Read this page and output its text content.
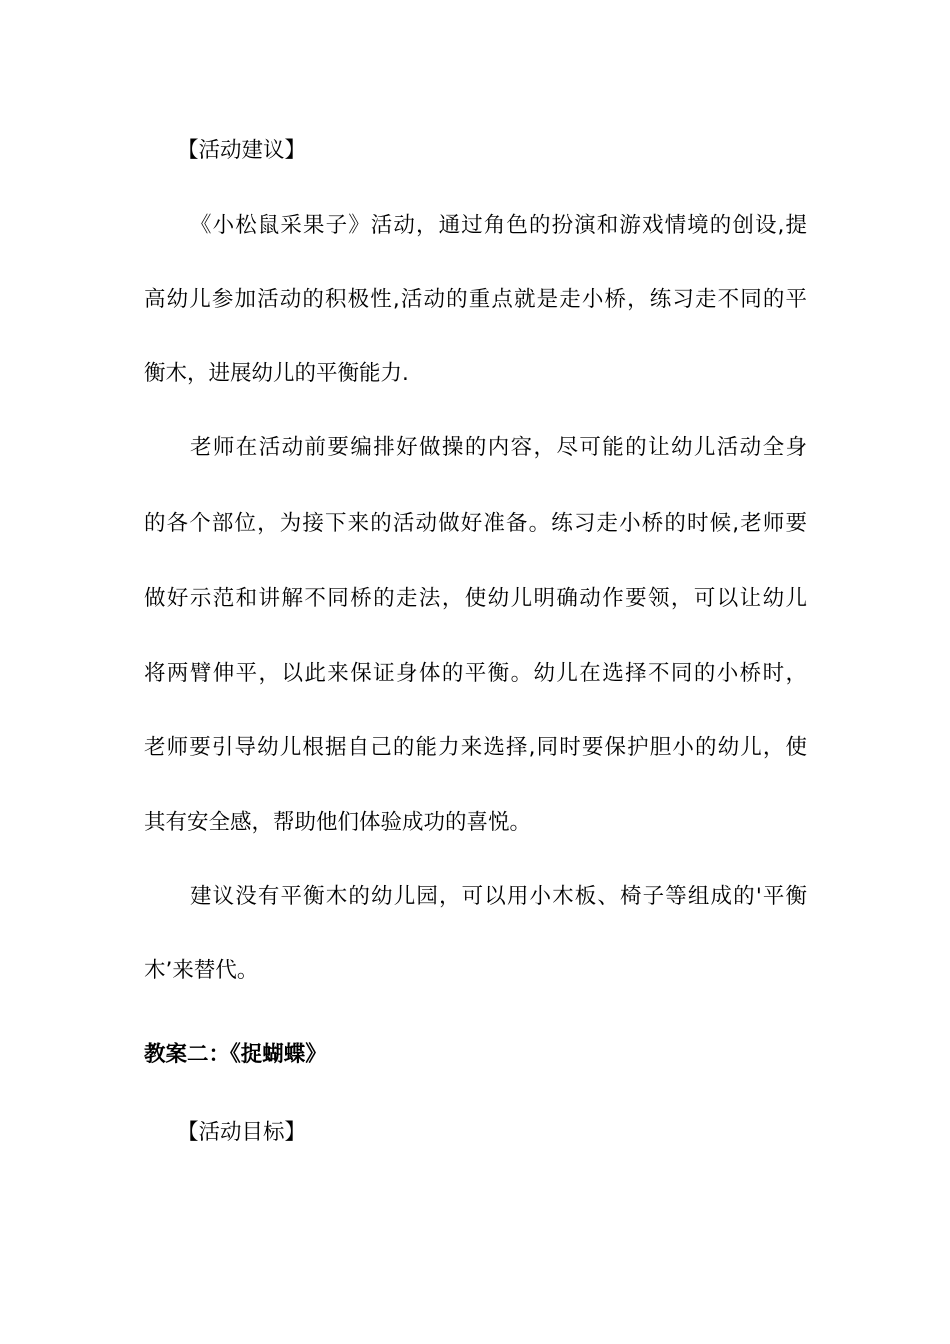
【活动建议】
《小松鼠采果子》活动，通过角色的扮演和游戏情境的创设,提
高幼儿参加活动的积极性,活动的重点就是走小桥，练习走不同的平
衡木，进展幼儿的平衡能力.
老师在活动前要编排好做操的内容，尽可能的让幼儿活动全身
的各个部位，为接下来的活动做好准备。练习走小桥的时候,老师要
做好示范和讲解不同桥的走法，使幼儿明确动作要领，可以让幼儿
将两臂伸平，以此来保证身体的平衡。幼儿在选择不同的小桥时，
老师要引导幼儿根据自己的能力来选择,同时要保护胆小的幼儿，使
其有安全感，帮助他们体验成功的喜悦。
建议没有平衡木的幼儿园，可以用小木板、椅子等组成的'平衡
木’来替代。
教案二：《捉蝴蝶》
【活动目标】
